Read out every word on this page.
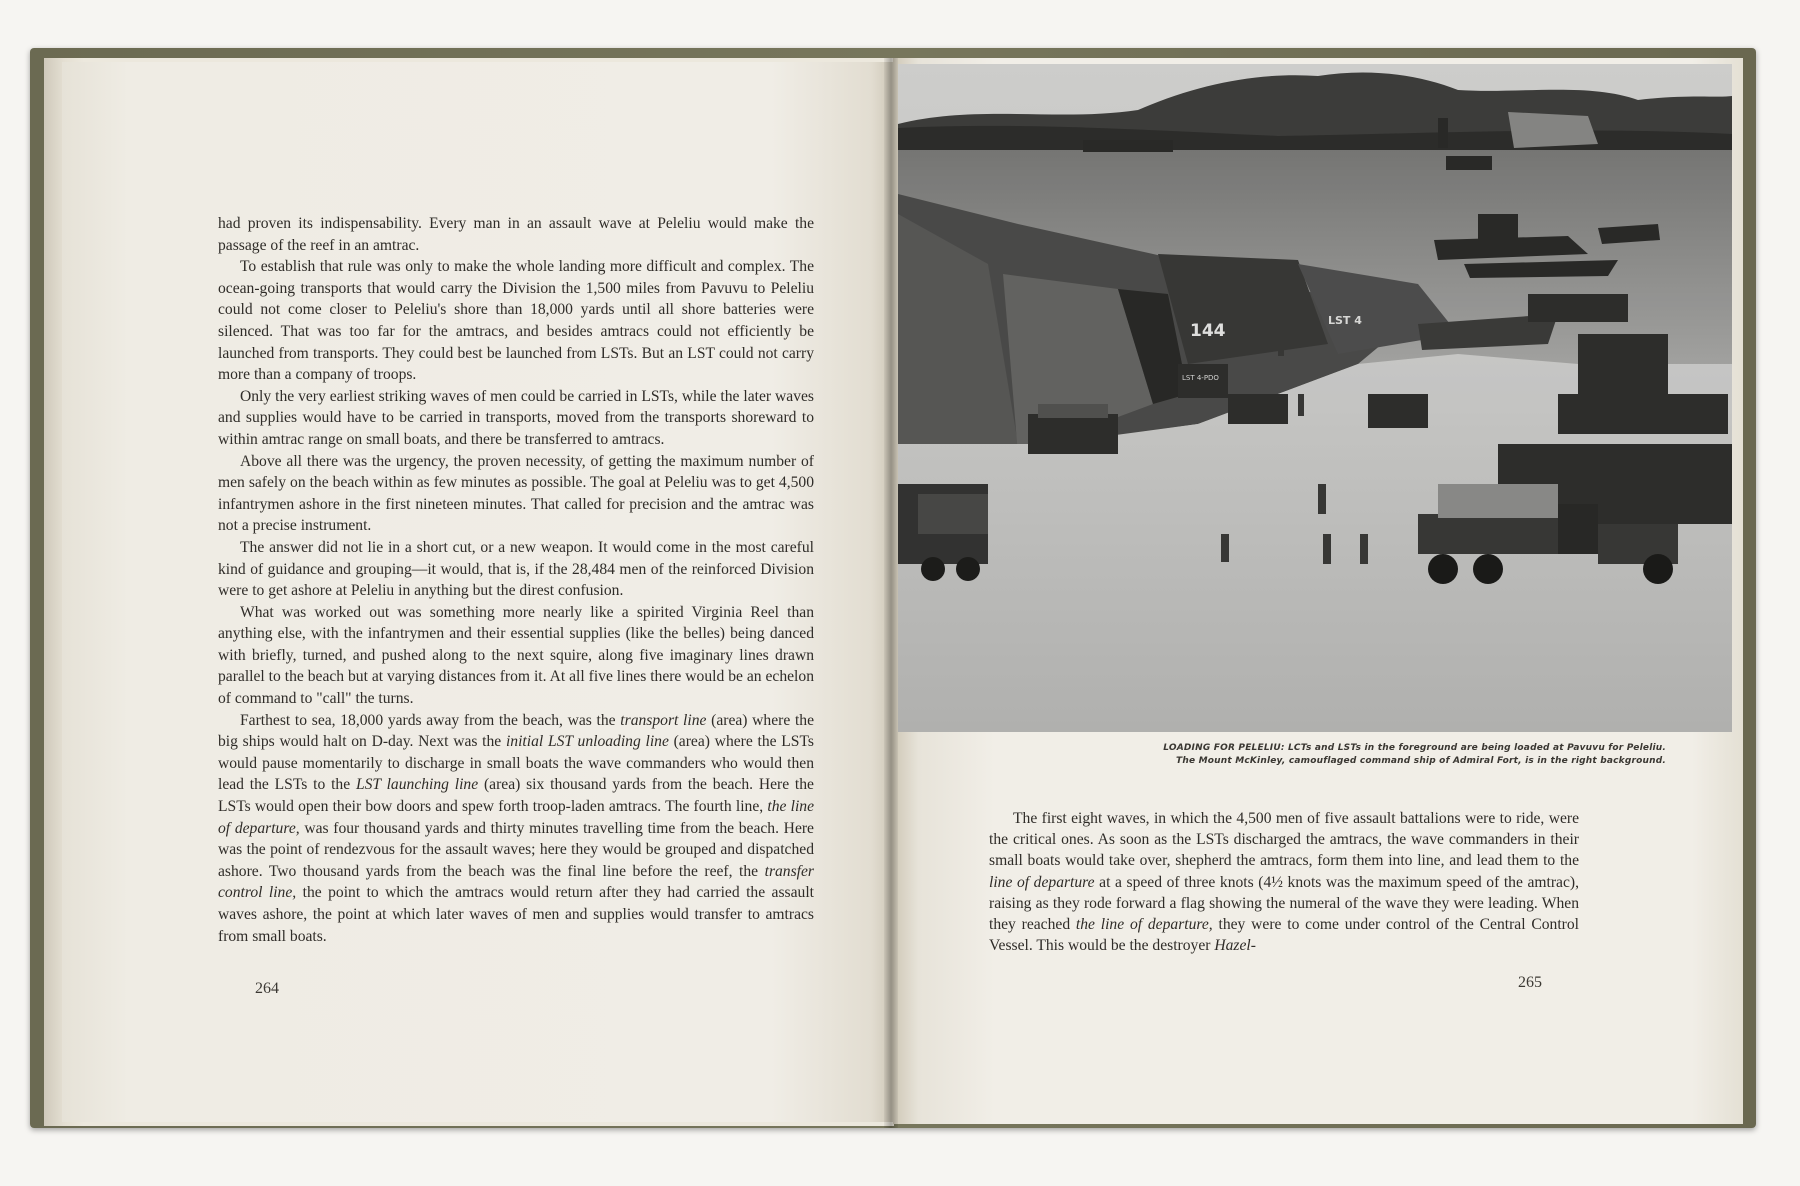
had proven its indispensability. Every man in an assault wave at Peleliu would make the passage of the reef in an amtrac.

To establish that rule was only to make the whole landing more difficult and complex. The ocean-going transports that would carry the Division the 1,500 miles from Pavuvu to Peleliu could not come closer to Peleliu's shore than 18,000 yards until all shore batteries were silenced. That was too far for the amtracs, and besides amtracs could not efficiently be launched from transports. They could best be launched from LSTs. But an LST could not carry more than a company of troops.

Only the very earliest striking waves of men could be carried in LSTs, while the later waves and supplies would have to be carried in transports, moved from the transports shoreward to within amtrac range on small boats, and there be transferred to amtracs.

Above all there was the urgency, the proven necessity, of getting the maximum number of men safely on the beach within as few minutes as possible. The goal at Peleliu was to get 4,500 infantrymen ashore in the first nineteen minutes. That called for precision and the amtrac was not a precise instrument.

The answer did not lie in a short cut, or a new weapon. It would come in the most careful kind of guidance and grouping—it would, that is, if the 28,484 men of the reinforced Division were to get ashore at Peleliu in anything but the direst confusion.

What was worked out was something more nearly like a spirited Virginia Reel than anything else, with the infantrymen and their essential supplies (like the belles) being danced with briefly, turned, and pushed along to the next squire, along five imaginary lines drawn parallel to the beach but at varying distances from it. At all five lines there would be an echelon of command to "call" the turns.

Farthest to sea, 18,000 yards away from the beach, was the transport line (area) where the big ships would halt on D-day. Next was the initial LST unloading line (area) where the LSTs would pause momentarily to discharge in small boats the wave commanders who would then lead the LSTs to the LST launching line (area) six thousand yards from the beach. Here the LSTs would open their bow doors and spew forth troop-laden amtracs. The fourth line, the line of departure, was four thousand yards and thirty minutes travelling time from the beach. Here was the point of rendezvous for the assault waves; here they would be grouped and dispatched ashore. Two thousand yards from the beach was the final line before the reef, the transfer control line, the point to which the amtracs would return after they had carried the assault waves ashore, the point at which later waves of men and supplies would transfer to amtracs from small boats.

264
LOADING FOR PELELIU: LCTs and LSTs in the foreground are being loaded at Pavuvu for Peleliu.
The Mount McKinley, camouflaged command ship of Admiral Fort, is in the right background.

The first eight waves, in which the 4,500 men of five assault battalions were to ride, were the critical ones. As soon as the LSTs discharged the amtracs, the wave commanders in their small boats would take over, shepherd the amtracs, form them into line, and lead them to the line of departure at a speed of three knots (4½ knots was the maximum speed of the amtrac), raising as they rode forward a flag showing the numeral of the wave they were leading. When they reached the line of departure, they were to come under control of the Central Control Vessel. This would be the destroyer Hazel-

265
